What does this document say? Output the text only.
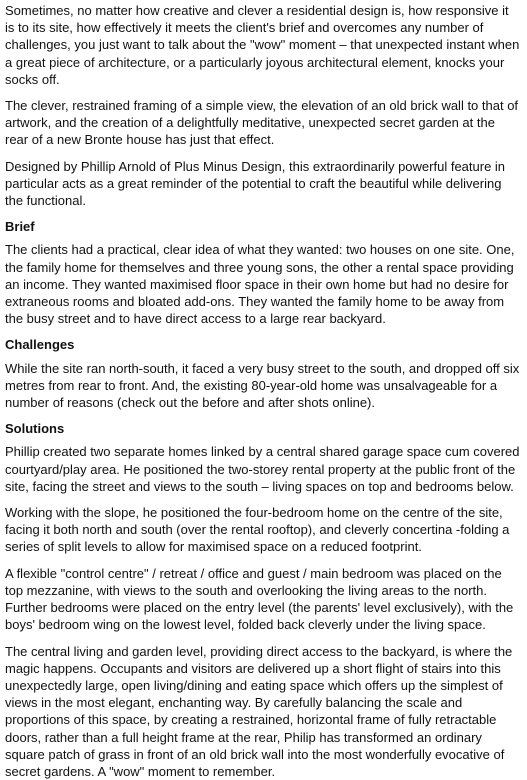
Sometimes, no matter how creative and clever a residential design is, how responsive it is to its site, how effectively it meets the client's brief and overcomes any number of challenges, you just want to talk about the "wow" moment – that unexpected instant when a great piece of architecture, or a particularly joyous architectural element, knocks your socks off.

The clever, restrained framing of a simple view, the elevation of an old brick wall to that of artwork, and the creation of a delightfully meditative, unexpected secret garden at the rear of a new Bronte house has just that effect.

Designed by Phillip Arnold of Plus Minus Design, this extraordinarily powerful feature in particular acts as a great reminder of the potential to craft the beautiful while delivering the functional.

Brief

The clients had a practical, clear idea of what they wanted: two houses on one site. One, the family home for themselves and three young sons, the other a rental space providing an income. They wanted maximised floor space in their own home but had no desire for extraneous rooms and bloated add-ons. They wanted the family home to be away from the busy street and to have direct access to a large rear backyard.

Challenges

While the site ran north-south, it faced a very busy street to the south, and dropped off six metres from rear to front. And, the existing 80-year-old home was unsalvageable for a number of reasons (check out the before and after shots online).

Solutions

Phillip created two separate homes linked by a central shared garage space cum covered courtyard/play area. He positioned the two-storey rental property at the public front of the site, facing the street and views to the south – living spaces on top and bedrooms below.

Working with the slope, he positioned the four-bedroom home on the centre of the site, facing it both north and south (over the rental rooftop), and cleverly concertina -folding a series of split levels to allow for maximised space on a reduced footprint.

A flexible "control centre" / retreat / office and guest / main bedroom was placed on the top mezzanine, with views to the south and overlooking the living areas to the north. Further bedrooms were placed on the entry level (the parents' level exclusively), with the boys' bedroom wing on the lowest level, folded back cleverly under the living space.

The central living and garden level, providing direct access to the backyard, is where the magic happens. Occupants and visitors are delivered up a short flight of stairs into this unexpectedly large, open living/dining and eating space which offers up the simplest of views in the most elegant, enchanting way. By carefully balancing the scale and proportions of this space, by creating a restrained, horizontal frame of fully retractable doors, rather than a full height frame at the rear, Philip has transformed an ordinary square patch of grass in front of an old brick wall into the most wonderfully evocative of secret gardens. A "wow" moment to remember.
